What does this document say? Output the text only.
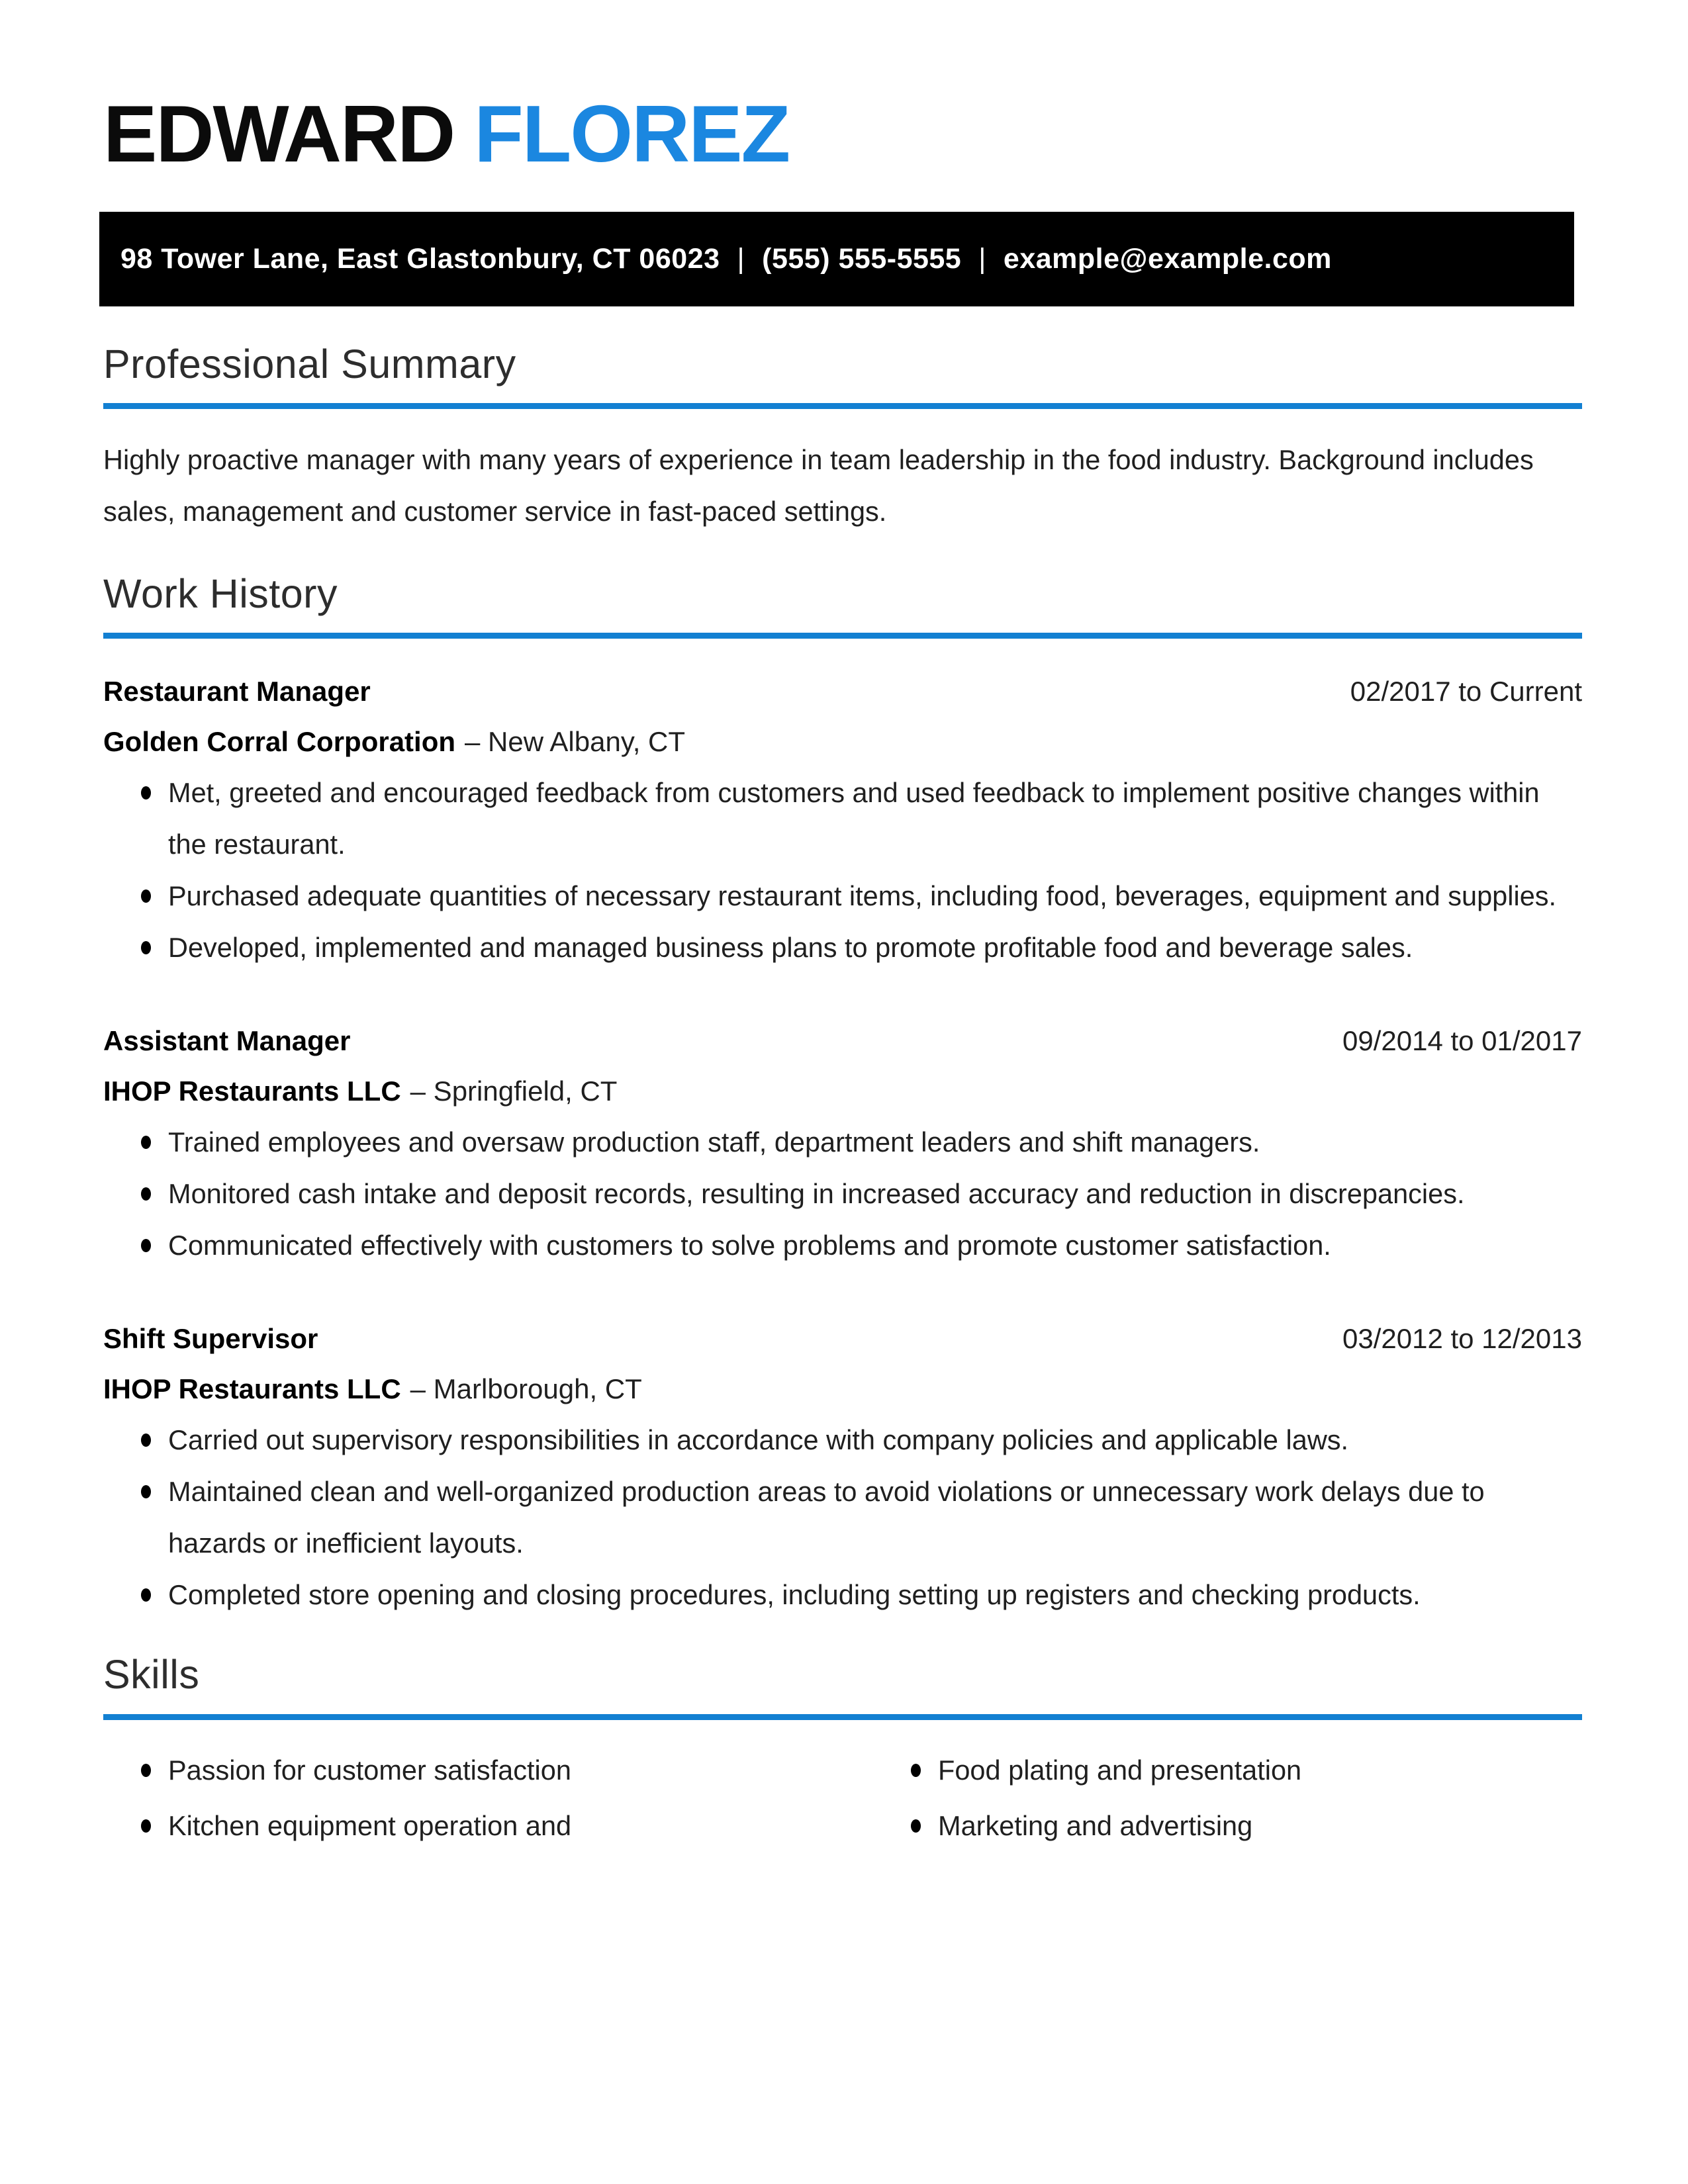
EDWARD FLOREZ
98 Tower Lane, East Glastonbury, CT 06023 | (555) 555-5555 | example@example.com
Professional Summary

Highly proactive manager with many years of experience in team leadership in the food industry. Background includes sales, management and customer service in fast-paced settings.

Work History
Restaurant Manager	02/2017 to Current
Golden Corral Corporation – New Albany, CT
Met, greeted and encouraged feedback from customers and used feedback to implement positive changes within the restaurant.
Purchased adequate quantities of necessary restaurant items, including food, beverages, equipment and supplies.
Developed, implemented and managed business plans to promote profitable food and beverage sales.
Assistant Manager	09/2014 to 01/2017
IHOP Restaurants LLC – Springfield, CT
Trained employees and oversaw production staff, department leaders and shift managers.
Monitored cash intake and deposit records, resulting in increased accuracy and reduction in discrepancies.
Communicated effectively with customers to solve problems and promote customer satisfaction.
Shift Supervisor	03/2012 to 12/2013
IHOP Restaurants LLC – Marlborough, CT
Carried out supervisory responsibilities in accordance with company policies and applicable laws.
Maintained clean and well-organized production areas to avoid violations or unnecessary work delays due to hazards or inefficient layouts.
Completed store opening and closing procedures, including setting up registers and checking products.
Skills
Passion for customer satisfaction
Kitchen equipment operation and
Food plating and presentation
Marketing and advertising
